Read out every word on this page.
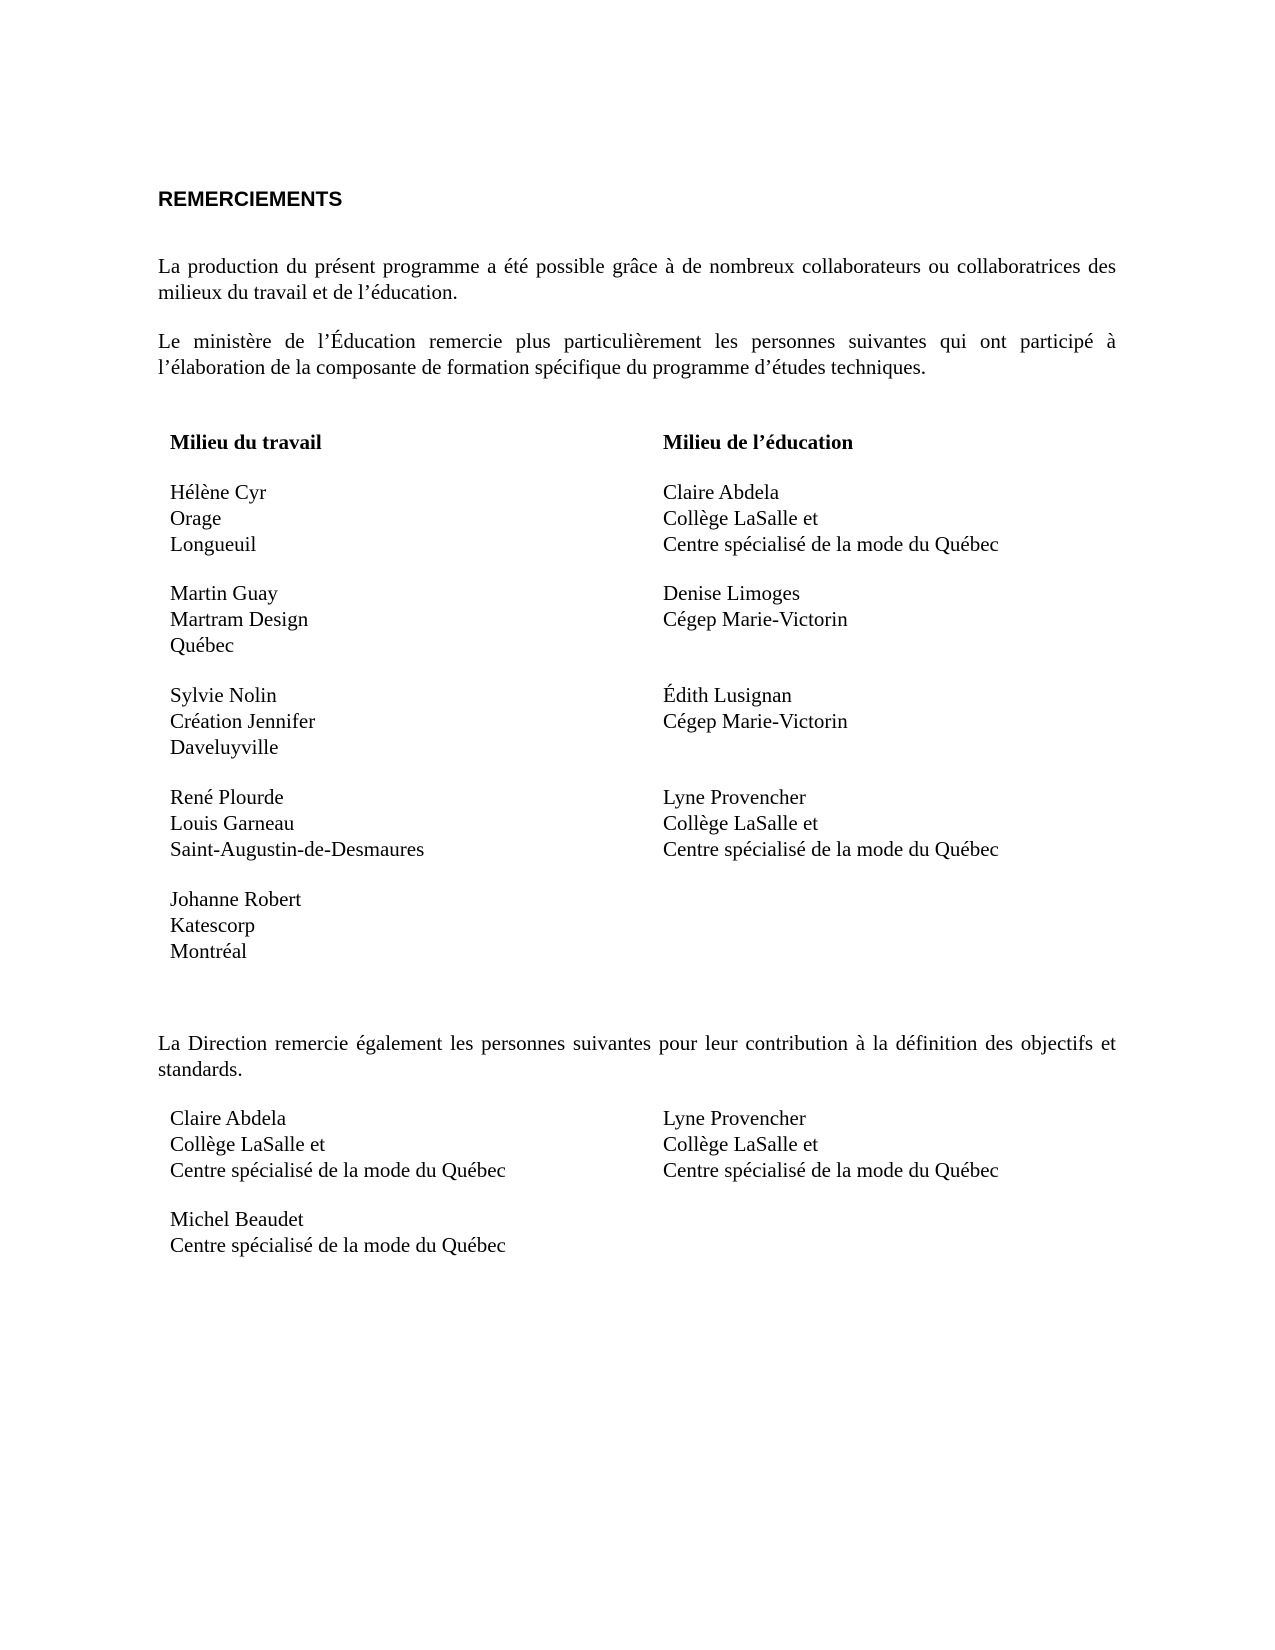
REMERCIEMENTS

La production du présent programme a été possible grâce à de nombreux collaborateurs ou collaboratrices des milieux du travail et de l’éducation.

Le ministère de l’Éducation remercie plus particulièrement les personnes suivantes qui ont participé à l’élaboration de la composante de formation spécifique du programme d’études techniques.

Milieu du travail
Hélène Cyr
Orage
Longueuil
Martin Guay
Martram Design
Québec
Sylvie Nolin
Création Jennifer
Daveluyville
René Plourde
Louis Garneau
Saint-Augustin-de-Desmaures
Johanne Robert
Katescorp
Montréal
Milieu de l’éducation
Claire Abdela
Collège LaSalle et
Centre spécialisé de la mode du Québec
Denise Limoges
Cégep Marie-Victorin
Édith Lusignan
Cégep Marie-Victorin
Lyne Provencher
Collège LaSalle et
Centre spécialisé de la mode du Québec

La Direction remercie également les personnes suivantes pour leur contribution à la définition des objectifs et standards.

Claire Abdela
Collège LaSalle et
Centre spécialisé de la mode du Québec
Michel Beaudet
Centre spécialisé de la mode du Québec
Lyne Provencher
Collège LaSalle et
Centre spécialisé de la mode du Québec
